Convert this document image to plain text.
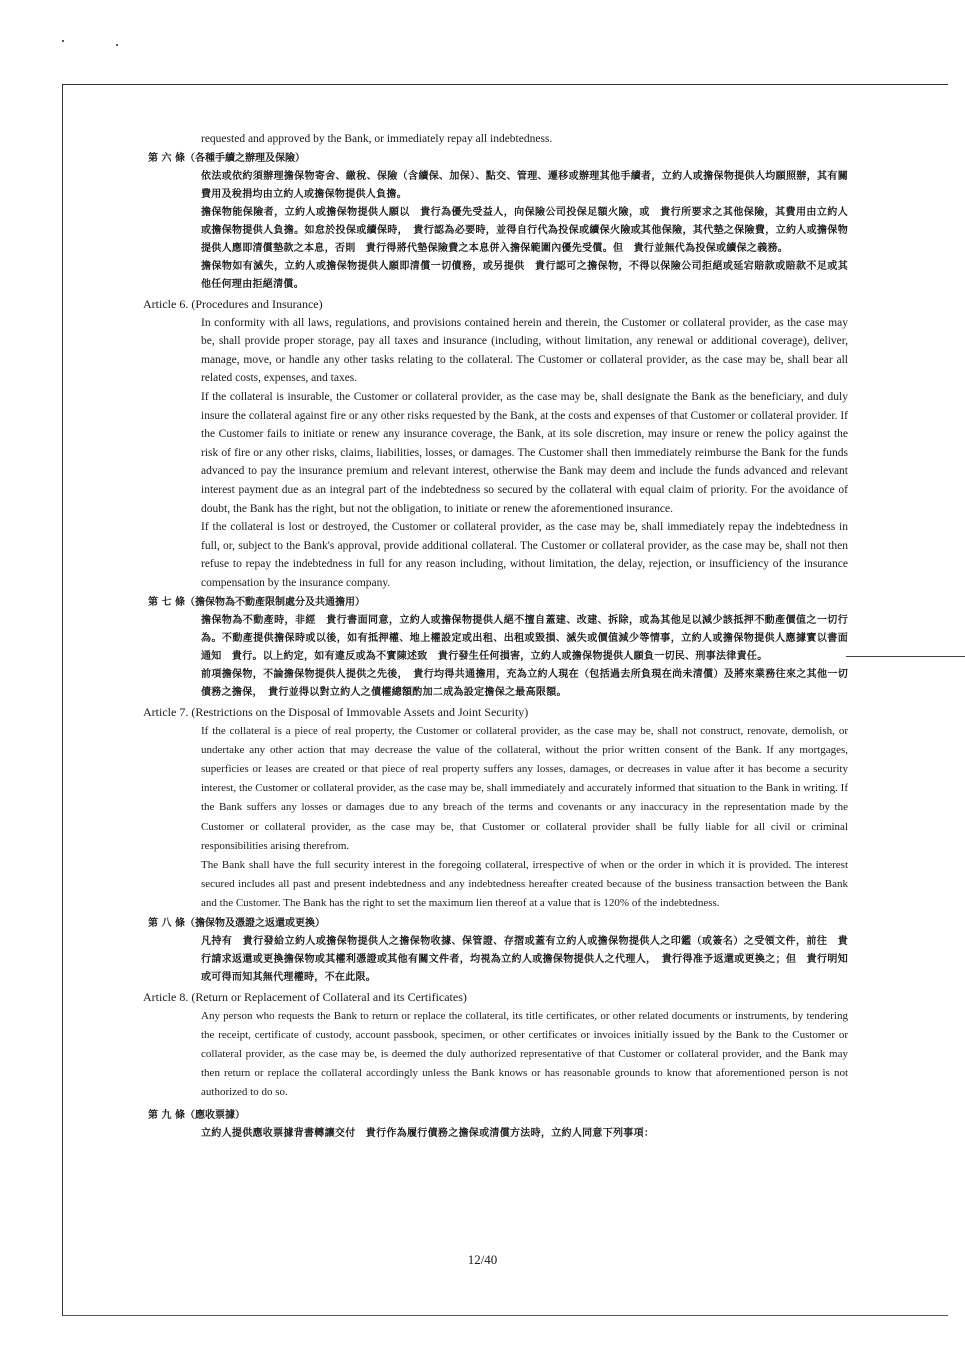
requested and approved by the Bank, or immediately repay all indebtedness.

第 六 條（各種手續之辦理及保險）

依法或依約須辦理擔保物寄舍、繳稅、保險（含續保、加保）、點交、管理、遷移或辦理其他手續者，立約人或擔保物提供人均願照辦，其有關費用及稅捐均由立約人或擔保物提供人負擔。

擔保物能保險者，立約人或擔保物提供人願以　貴行為優先受益人，向保險公司投保足額火險，或　貴行所要求之其他保險，其費用由立約人或擔保物提供人負擔。如怠於投保或續保時，　貴行認為必要時，並得自行代為投保或續保火險或其他保險，其代墊之保險費，立約人或擔保物提供人應即清償墊款之本息，否則　貴行得將代墊保險費之本息併入擔保範圍內優先受償。但　貴行並無代為投保或續保之義務。

擔保物如有滅失，立約人或擔保物提供人願即清償一切債務，或另提供　貴行認可之擔保物，不得以保險公司拒絕或延宕賠款或賠款不足或其他任何理由拒絕清償。

Article 6. (Procedures and Insurance)

In conformity with all laws, regulations, and provisions contained herein and therein, the Customer or collateral provider, as the case may be, shall provide proper storage, pay all taxes and insurance (including, without limitation, any renewal or additional coverage), deliver, manage, move, or handle any other tasks relating to the collateral. The Customer or collateral provider, as the case may be, shall bear all related costs, expenses, and taxes.

If the collateral is insurable, the Customer or collateral provider, as the case may be, shall designate the Bank as the beneficiary, and duly insure the collateral against fire or any other risks requested by the Bank, at the costs and expenses of that Customer or collateral provider. If the Customer fails to initiate or renew any insurance coverage, the Bank, at its sole discretion, may insure or renew the policy against the risk of fire or any other risks, claims, liabilities, losses, or damages. The Customer shall then immediately reimburse the Bank for the funds advanced to pay the insurance premium and relevant interest, otherwise the Bank may deem and include the funds advanced and relevant interest payment due as an integral part of the indebtedness so secured by the collateral with equal claim of priority. For the avoidance of doubt, the Bank has the right, but not the obligation, to initiate or renew the aforementioned insurance.

If the collateral is lost or destroyed, the Customer or collateral provider, as the case may be, shall immediately repay the indebtedness in full, or, subject to the Bank's approval, provide additional collateral. The Customer or collateral provider, as the case may be, shall not then refuse to repay the indebtedness in full for any reason including, without limitation, the delay, rejection, or insufficiency of the insurance compensation by the insurance company.

第 七 條（擔保物為不動產限制處分及共通擔用）

擔保物為不動產時，非經　貴行書面同意，立約人或擔保物提供人絕不擅自蓋建、改建、拆除，或為其他足以減少該抵押不動產價值之一切行為。不動產提供擔保時或以後，如有抵押權、地上權設定或出租、出租或毀損、滅失或價值減少等情事，立約人或擔保物提供人應據實以書面通知　貴行。以上約定，如有違反或為不實陳述致　貴行發生任何損害，立約人或擔保物提供人願負一切民、刑事法律責任。

前項擔保物，不論擔保物提供人提供之先後，　貴行均得共通擔用，充為立約人現在（包括過去所負現在尚未清償）及將來業務往來之其他一切債務之擔保，　貴行並得以對立約人之債權總額酌加二成為設定擔保之最高限額。

Article 7. (Restrictions on the Disposal of Immovable Assets and Joint Security)

If the collateral is a piece of real property, the Customer or collateral provider, as the case may be, shall not construct, renovate, demolish, or undertake any other action that may decrease the value of the collateral, without the prior written consent of the Bank. If any mortgages, superficies or leases are created or that piece of real property suffers any losses, damages, or decreases in value after it has become a security interest, the Customer or collateral provider, as the case may be, shall immediately and accurately informed that situation to the Bank in writing. If the Bank suffers any losses or damages due to any breach of the terms and covenants or any inaccuracy in the representation made by the Customer or collateral provider, as the case may be, that Customer or collateral provider shall be fully liable for all civil or criminal responsibilities arising therefrom.

The Bank shall have the full security interest in the foregoing collateral, irrespective of when or the order in which it is provided. The interest secured includes all past and present indebtedness and any indebtedness hereafter created because of the business transaction between the Bank and the Customer. The Bank has the right to set the maximum lien thereof at a value that is 120% of the indebtedness.

第 八 條（擔保物及憑證之返還或更換）

凡持有　貴行發給立約人或擔保物提供人之擔保物收據、保管證、存摺或蓋有立約人或擔保物提供人之印鑑（或簽名）之受領文件，前往　貴行請求返還或更換擔保物或其權利憑證或其他有關文件者，均視為立約人或擔保物提供人之代理人，　貴行得准予返還或更換之；但　貴行明知或可得而知其無代理權時，不在此限。

Article 8. (Return or Replacement of Collateral and its Certificates)

Any person who requests the Bank to return or replace the collateral, its title certificates, or other related documents or instruments, by tendering the receipt, certificate of custody, account passbook, specimen, or other certificates or invoices initially issued by the Bank to the Customer or collateral provider, as the case may be, is deemed the duly authorized representative of that Customer or collateral provider, and the Bank may then return or replace the collateral accordingly unless the Bank knows or has reasonable grounds to know that aforementioned person is not authorized to do so.

第 九 條（應收票據）

立約人提供應收票據背書轉讓交付　貴行作為履行債務之擔保或清償方法時，立約人同意下列事項：

12/40
